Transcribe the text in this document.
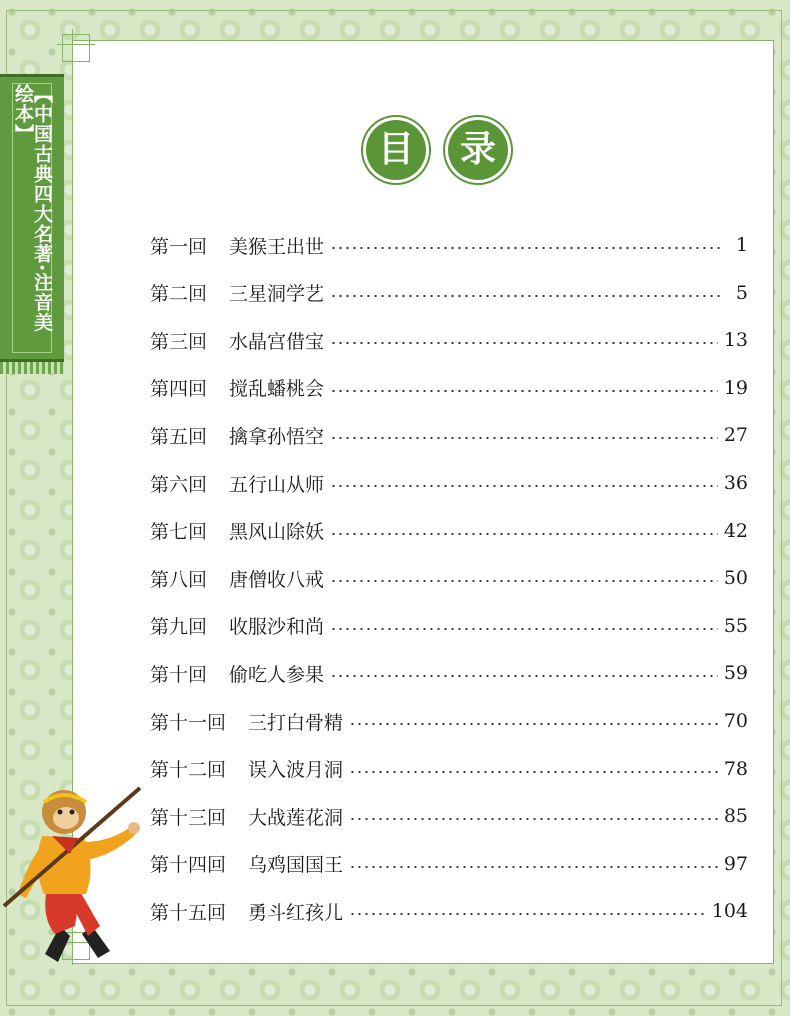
【中国古典四大名著·注音美绘本】
目	录
第一回 美猴王出世	1
第二回 三星洞学艺	5
第三回 水晶宫借宝	13
第四回 搅乱蟠桃会	19
第五回 擒拿孙悟空	27
第六回 五行山从师	36
第七回 黑风山除妖	42
第八回 唐僧收八戒	50
第九回 收服沙和尚	55
第十回 偷吃人参果	59
第十一回 三打白骨精	70
第十二回 误入波月洞	78
第十三回 大战莲花洞	85
第十四回 乌鸡国国王	97
第十五回 勇斗红孩儿	104
